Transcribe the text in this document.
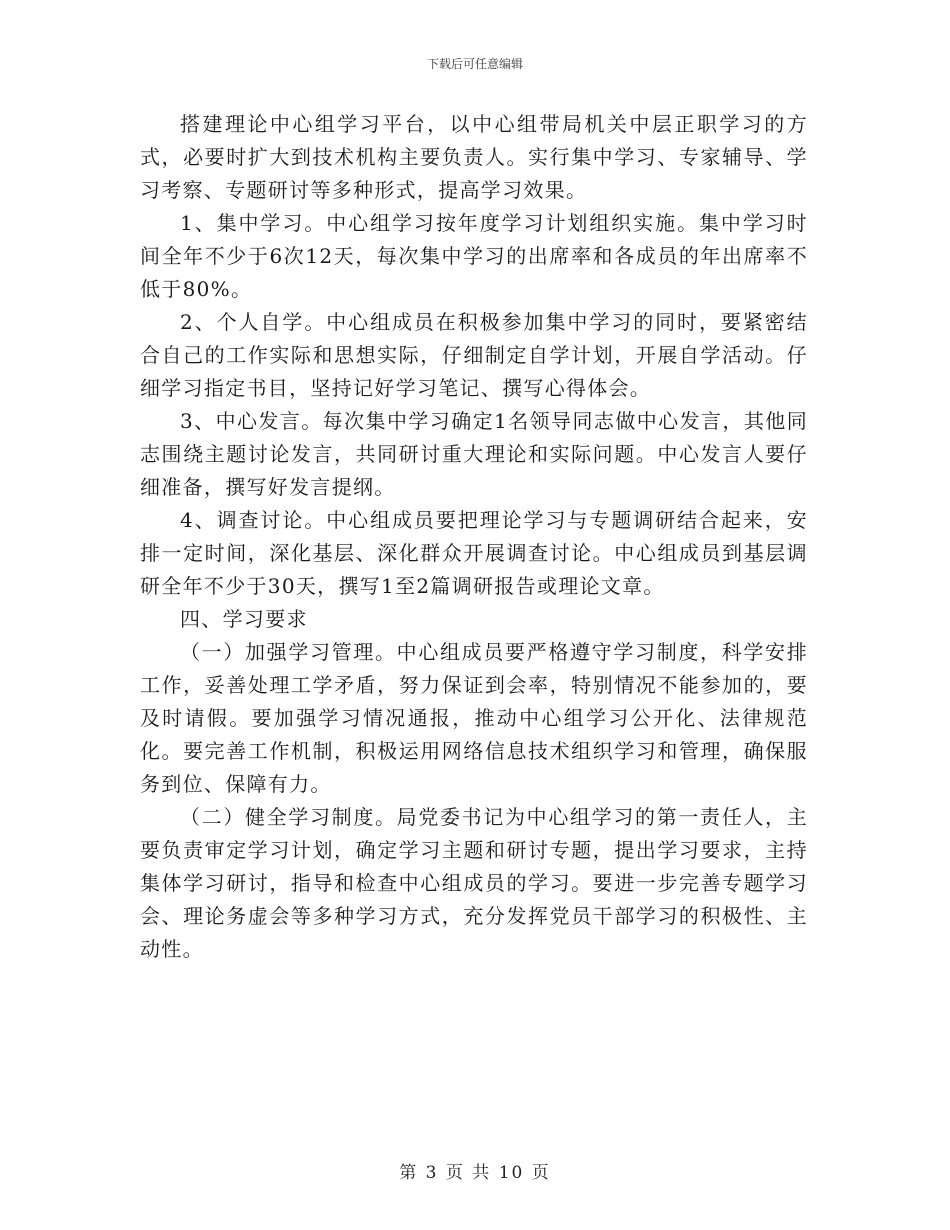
下载后可任意编辑

搭建理论中心组学习平台，以中心组带局机关中层正职学习的方式，必要时扩大到技术机构主要负责人。实行集中学习、专家辅导、学习考察、专题研讨等多种形式，提高学习效果。

1、集中学习。中心组学习按年度学习计划组织实施。集中学习时间全年不少于6次12天，每次集中学习的出席率和各成员的年出席率不低于80%。

2、个人自学。中心组成员在积极参加集中学习的同时，要紧密结合自己的工作实际和思想实际，仔细制定自学计划，开展自学活动。仔细学习指定书目，坚持记好学习笔记、撰写心得体会。

3、中心发言。每次集中学习确定1名领导同志做中心发言，其他同志围绕主题讨论发言，共同研讨重大理论和实际问题。中心发言人要仔细准备，撰写好发言提纲。

4、调查讨论。中心组成员要把理论学习与专题调研结合起来，安排一定时间，深化基层、深化群众开展调查讨论。中心组成员到基层调研全年不少于30天，撰写1至2篇调研报告或理论文章。

四、学习要求

（一）加强学习管理。中心组成员要严格遵守学习制度，科学安排工作，妥善处理工学矛盾，努力保证到会率，特别情况不能参加的，要及时请假。要加强学习情况通报，推动中心组学习公开化、法律规范化。要完善工作机制，积极运用网络信息技术组织学习和管理，确保服务到位、保障有力。

（二）健全学习制度。局党委书记为中心组学习的第一责任人，主要负责审定学习计划，确定学习主题和研讨专题，提出学习要求，主持集体学习研讨，指导和检查中心组成员的学习。要进一步完善专题学习会、理论务虚会等多种学习方式，充分发挥党员干部学习的积极性、主动性。

第 3 页 共 10 页
